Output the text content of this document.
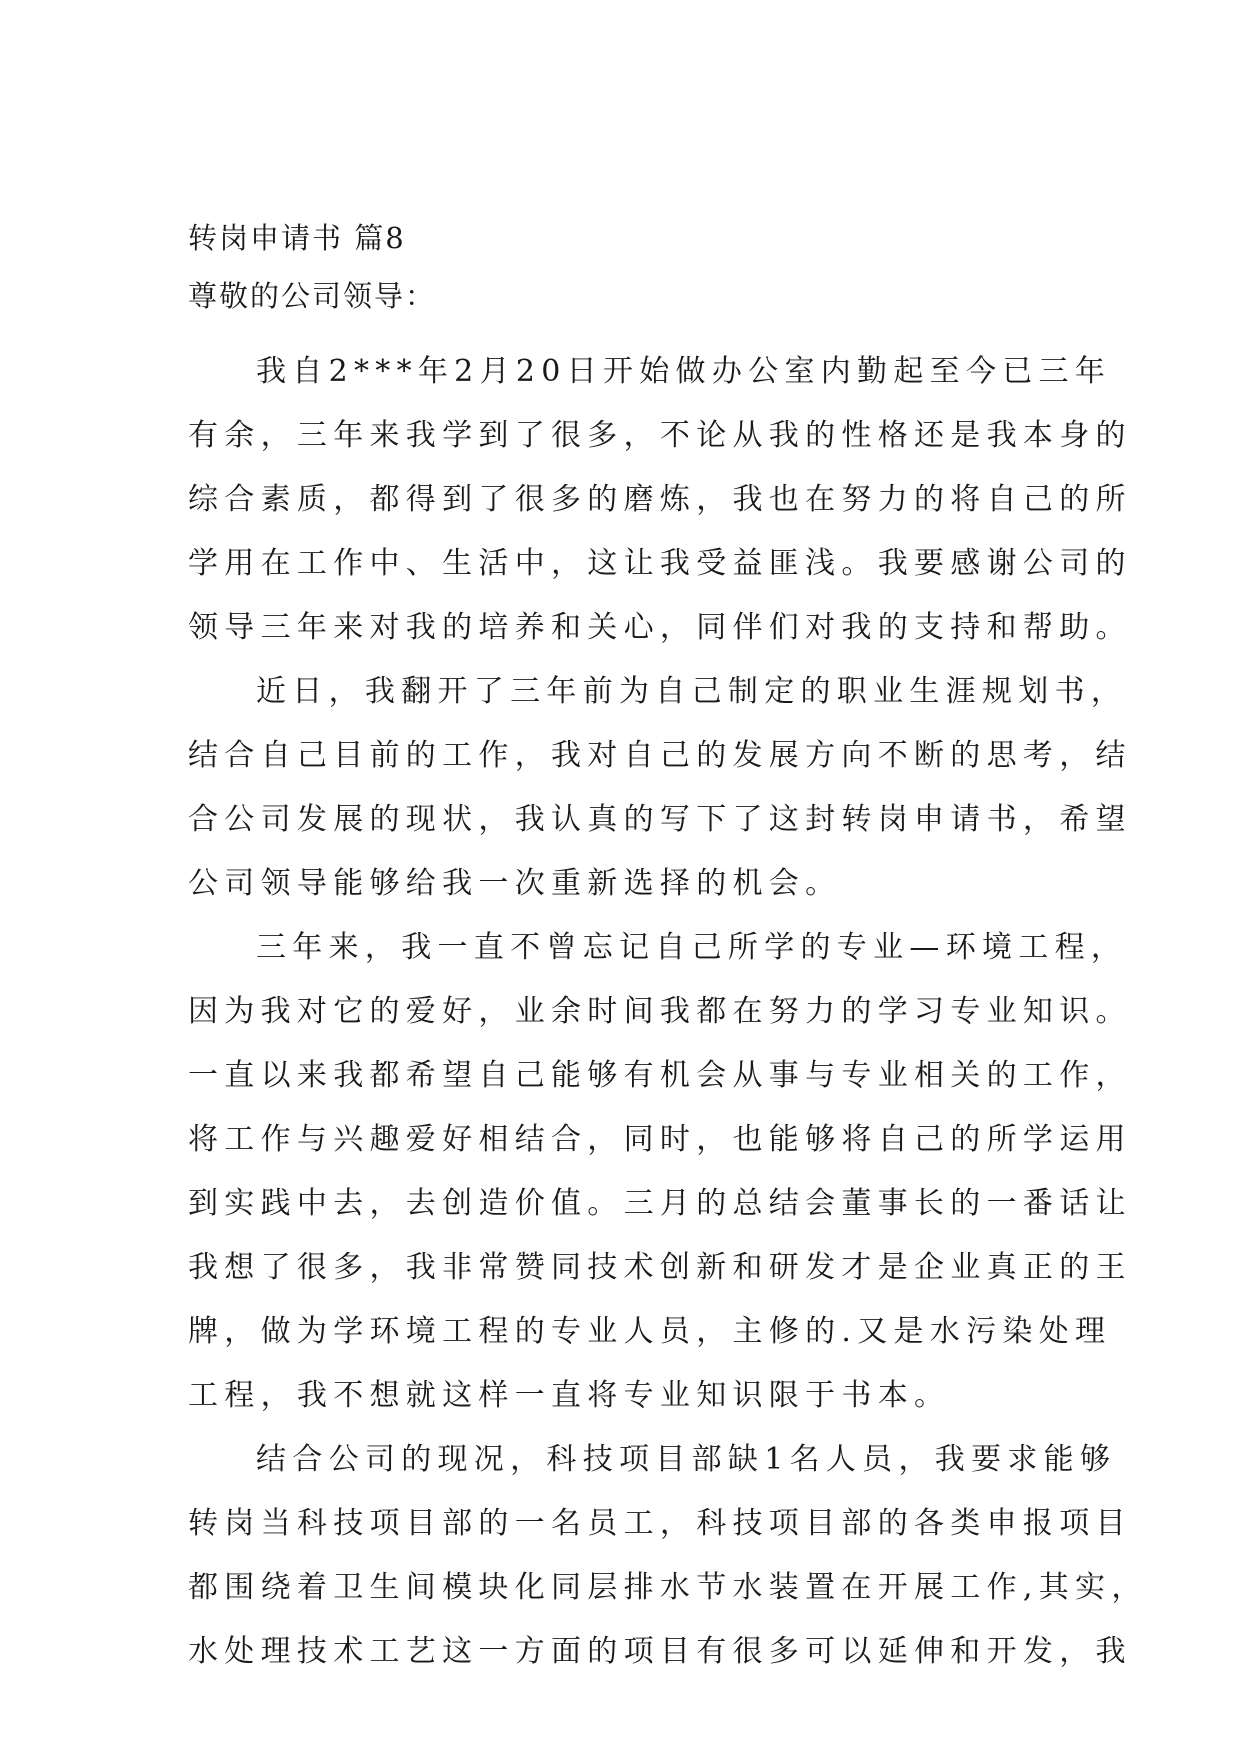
转岗申请书 篇8

尊敬的公司领导：

我自2***年2月20日开始做办公室内勤起至今已三年
有余，三年来我学到了很多，不论从我的性格还是我本身的
综合素质，都得到了很多的磨炼，我也在努力的将自己的所
学用在工作中、生活中，这让我受益匪浅。我要感谢公司的
领导三年来对我的培养和关心，同伴们对我的支持和帮助。

近日，我翻开了三年前为自己制定的职业生涯规划书，
结合自己目前的工作，我对自己的发展方向不断的思考，结
合公司发展的现状，我认真的写下了这封转岗申请书，希望
公司领导能够给我一次重新选择的机会。

三年来，我一直不曾忘记自己所学的专业—环境工程，
因为我对它的爱好，业余时间我都在努力的学习专业知识。
一直以来我都希望自己能够有机会从事与专业相关的工作，
将工作与兴趣爱好相结合，同时，也能够将自己的所学运用
到实践中去，去创造价值。三月的总结会董事长的一番话让
我想了很多，我非常赞同技术创新和研发才是企业真正的王
牌，做为学环境工程的专业人员，主修的.又是水污染处理
工程，我不想就这样一直将专业知识限于书本。

结合公司的现况，科技项目部缺1名人员，我要求能够
转岗当科技项目部的一名员工，科技项目部的各类申报项目
都围绕着卫生间模块化同层排水节水装置在开展工作,其实，
水处理技术工艺这一方面的项目有很多可以延伸和开发，我
